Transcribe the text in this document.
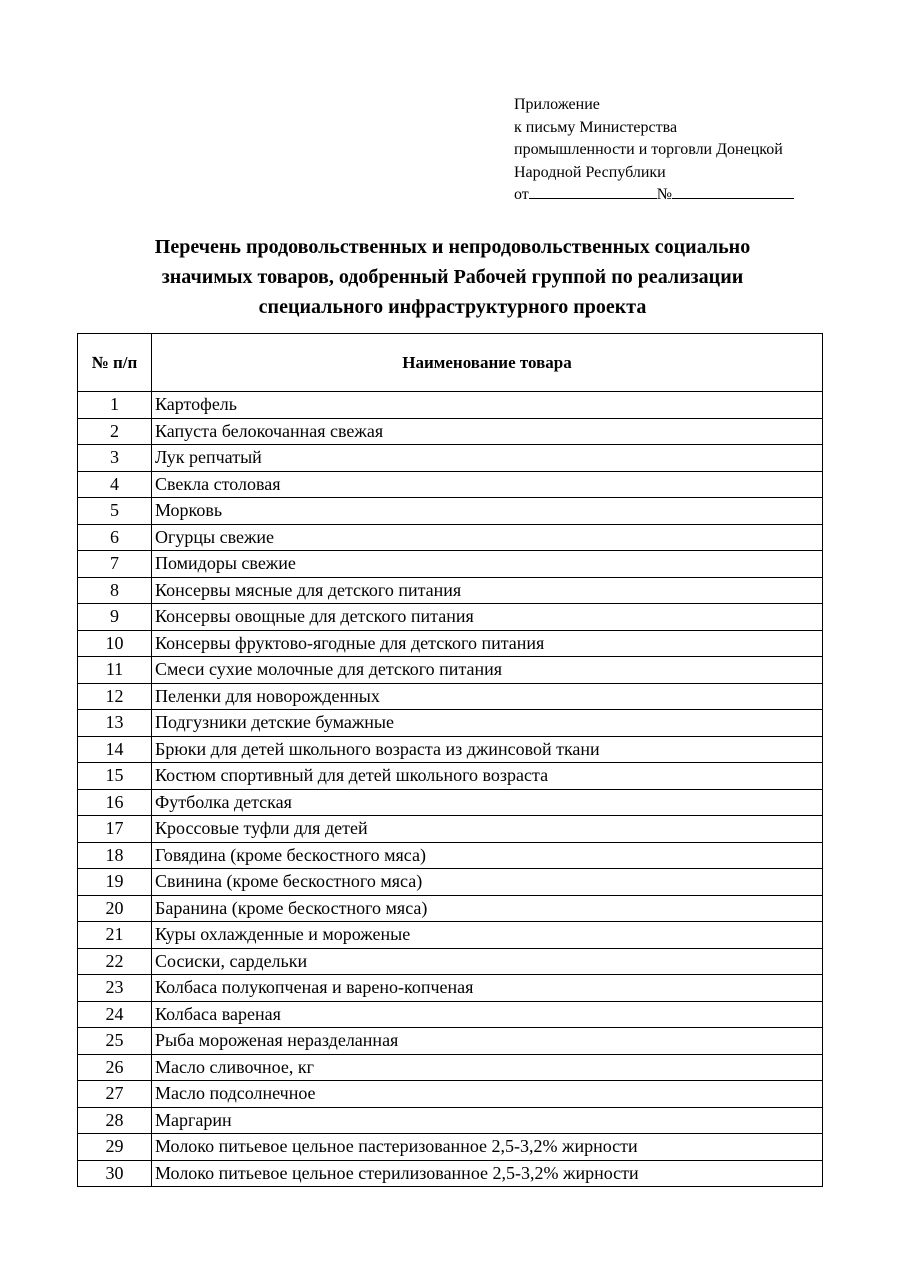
Приложение
к письму Министерства
промышленности и торговли Донецкой
Народной Республики
от	№
Перечень продовольственных и непродовольственных социально
значимых товаров, одобренный Рабочей группой по реализации
специального инфраструктурного проекта
№ п/п	Наименование товара
1	Картофель
2	Капуста белокочанная свежая
3	Лук репчатый
4	Свекла столовая
5	Морковь
6	Огурцы свежие
7	Помидоры свежие
8	Консервы мясные для детского питания
9	Консервы овощные для детского питания
10	Консервы фруктово-ягодные для детского питания
11	Смеси сухие молочные для детского питания
12	Пеленки для новорожденных
13	Подгузники детские бумажные
14	Брюки для детей школьного возраста из джинсовой ткани
15	Костюм спортивный для детей школьного возраста
16	Футболка детская
17	Кроссовые туфли для детей
18	Говядина (кроме бескостного мяса)
19	Свинина (кроме бескостного мяса)
20	Баранина (кроме бескостного мяса)
21	Куры охлажденные и мороженые
22	Сосиски, сардельки
23	Колбаса полукопченая и варено-копченая
24	Колбаса вареная
25	Рыба мороженая неразделанная
26	Масло сливочное, кг
27	Масло подсолнечное
28	Маргарин
29	Молоко питьевое цельное пастеризованное 2,5-3,2% жирности
30	Молоко питьевое цельное стерилизованное 2,5-3,2% жирности
